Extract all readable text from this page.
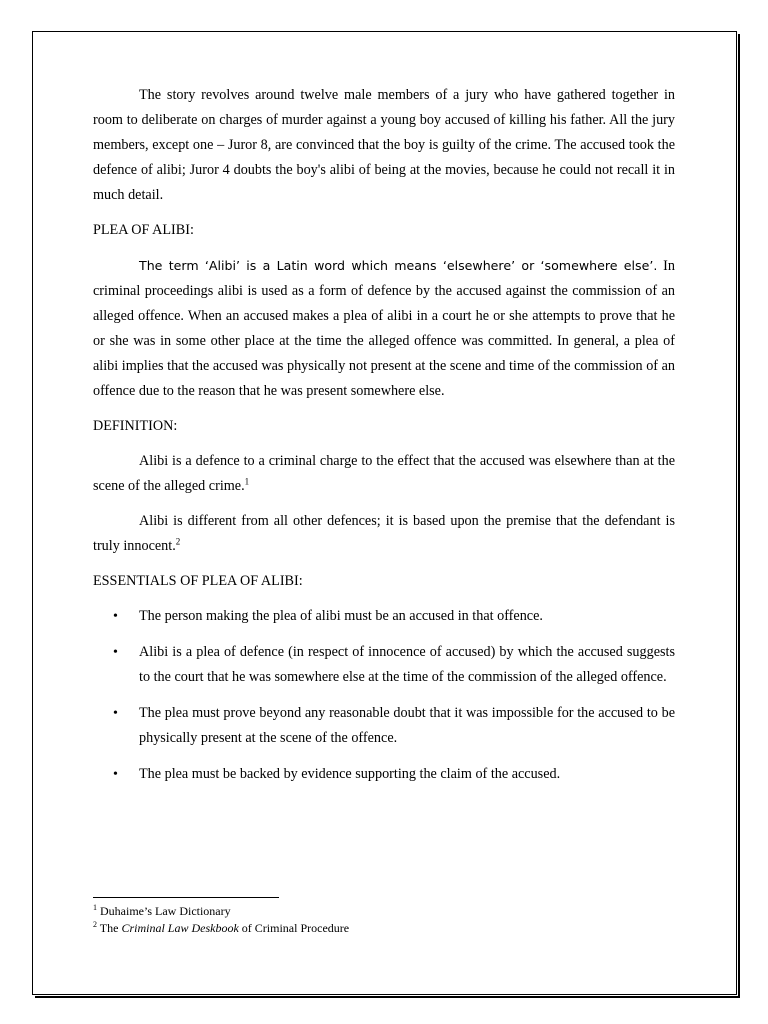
The story revolves around twelve male members of a jury who have gathered together in room to deliberate on charges of murder against a young boy accused of killing his father. All the jury members, except one – Juror 8, are convinced that the boy is guilty of the crime. The accused took the defence of alibi; Juror 4 doubts the boy's alibi of being at the movies, because he could not recall it in much detail.

PLEA OF ALIBI:

The term ‘Alibi’ is a Latin word which means ‘elsewhere’ or ‘somewhere else’. In criminal proceedings alibi is used as a form of defence by the accused against the commission of an alleged offence. When an accused makes a plea of alibi in a court he or she attempts to prove that he or she was in some other place at the time the alleged offence was committed. In general, a plea of alibi implies that the accused was physically not present at the scene and time of the commission of an offence due to the reason that he was present somewhere else.

DEFINITION:

Alibi is a defence to a criminal charge to the effect that the accused was elsewhere than at the scene of the alleged crime.$^1$

Alibi is different from all other defences; it is based upon the premise that the defendant is truly innocent.$^2$

ESSENTIALS OF PLEA OF ALIBI:

• The person making the plea of alibi must be an accused in that offence.
• Alibi is a plea of defence (in respect of innocence of accused) by which the accused suggests to the court that he was somewhere else at the time of the commission of the alleged offence.
• The plea must prove beyond any reasonable doubt that it was impossible for the accused to be physically present at the scene of the offence.
• The plea must be backed by evidence supporting the claim of the accused.
$^1$ Duhaime’s Law Dictionary
$^2$ The Criminal Law Deskbook of Criminal Procedure
